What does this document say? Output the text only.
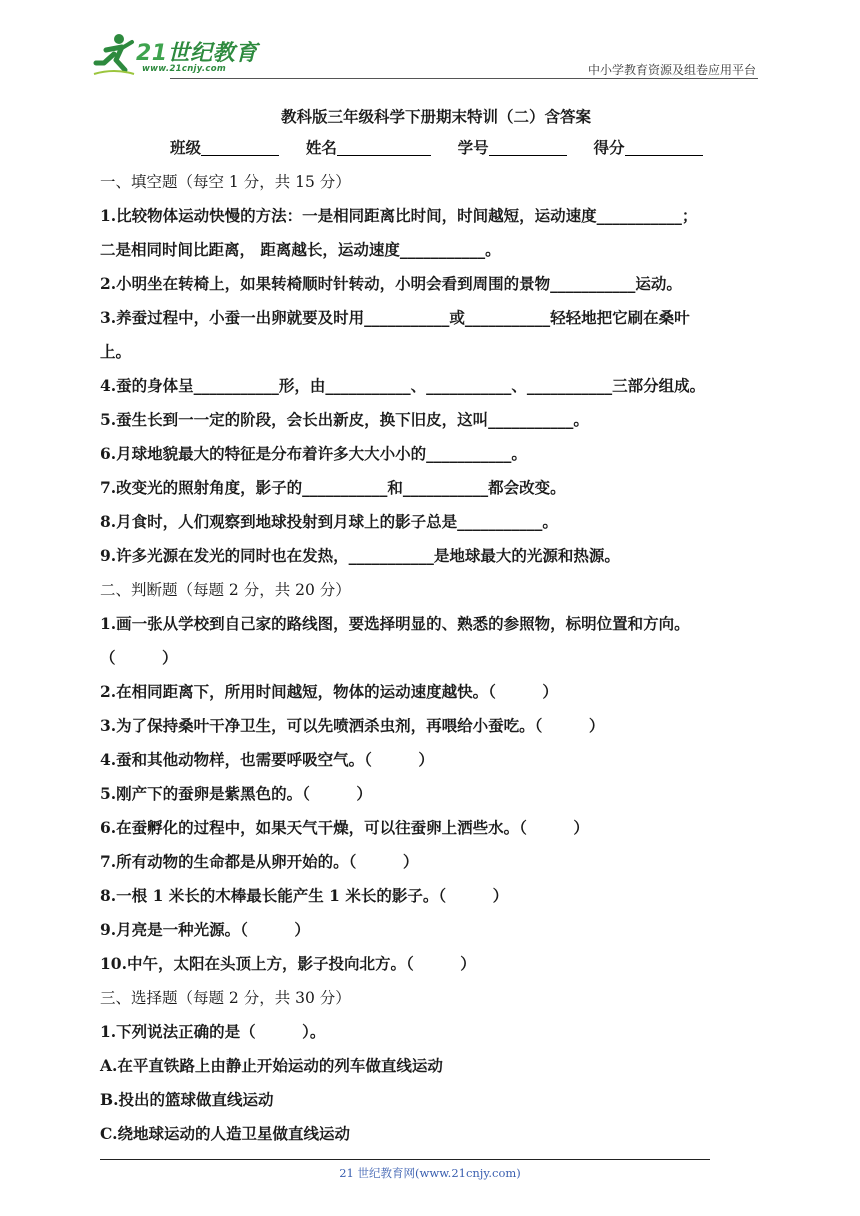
21世纪教育
www.21cnjy.com	中小学教育资源及组卷应用平台
教科版三年级科学下册期末特训（二）含答案
班级	姓名	学号	得分
一、填空题（每空 1 分，共 15 分）
1.比较物体运动快慢的方法：一是相同距离比时间，时间越短，运动速度___________；
二是相同时间比距离， 距离越长，运动速度___________。
2.小明坐在转椅上，如果转椅顺时针转动，小明会看到周围的景物___________运动。
3.养蚕过程中，小蚕一出卵就要及时用___________或___________轻轻地把它刷在桑叶
上。
4.蚕的身体呈___________形，由___________、___________、___________三部分组成。
5.蚕生长到一一定的阶段，会长出新皮，换下旧皮，这叫___________。
6.月球地貌最大的特征是分布着许多大大小小的___________。
7.改变光的照射角度，影子的___________和___________都会改变。
8.月食时，人们观察到地球投射到月球上的影子总是___________。
9.许多光源在发光的同时也在发热，___________是地球最大的光源和热源。
二、判断题（每题 2 分，共 20 分）
1.画一张从学校到自己家的路线图，要选择明显的、熟悉的参照物，标明位置和方向。
（　　　）
2.在相同距离下，所用时间越短，物体的运动速度越快。（　　　）
3.为了保持桑叶干净卫生，可以先喷洒杀虫剂，再喂给小蚕吃。（　　　）
4.蚕和其他动物样，也需要呼吸空气。（　　　）
5.刚产下的蚕卵是紫黑色的。（　　　）
6.在蚕孵化的过程中，如果天气干燥，可以往蚕卵上洒些水。（　　　）
7.所有动物的生命都是从卵开始的。（　　　）
8.一根 1 米长的木棒最长能产生 1 米长的影子。（　　　）
9.月亮是一种光源。（　　　）
10.中午，太阳在头顶上方，影子投向北方。（　　　）
三、选择题（每题 2 分，共 30 分）
1.下列说法正确的是（　　　）。
A.在平直铁路上由静止开始运动的列车做直线运动
B.投出的篮球做直线运动
C.绕地球运动的人造卫星做直线运动
21 世纪教育网(www.21cnjy.com)
